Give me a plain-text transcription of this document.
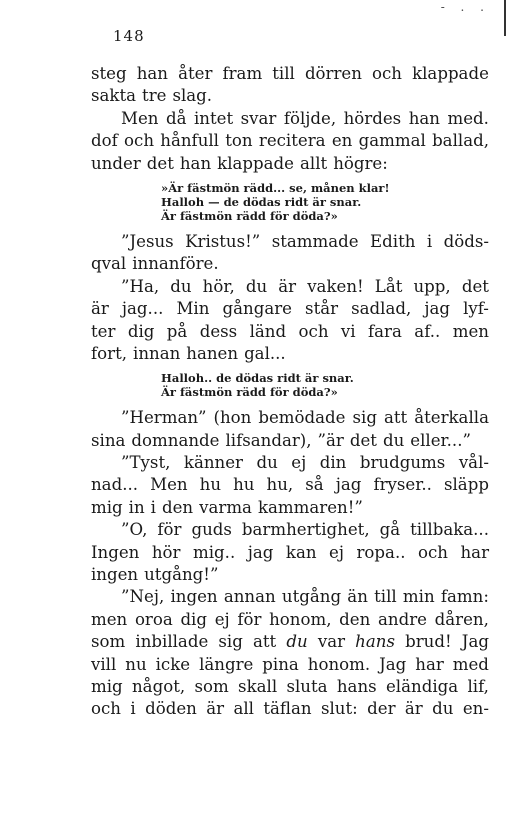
- . .
148
steg han åter fram till dörren och klappade
sakta tre slag.
Men då intet svar följde, hördes han med.
dof och hånfull ton recitera en gammal ballad,
under det han klappade allt högre:
»Är fästmön rädd... se, månen klar!
Halloh — de dödas ridt är snar.
Är fästmön rädd för döda?»
”Jesus Kristus!” stammade Edith i döds-
qval innanföre.
”Ha, du hör, du är vaken! Låt upp, det
är jag... Min gångare står sadlad, jag lyf-
ter dig på dess länd och vi fara af.. men
fort, innan hanen gal...
Halloh.. de dödas ridt är snar.
Är fästmön rädd för döda?»
”Herman” (hon bemödade sig att återkalla
sina domnande lifsandar), ”är det du eller...”
”Tyst, känner du ej din brudgums vål-
nad... Men hu hu hu, så jag fryser.. släpp
mig in i den varma kammaren!”
”O, för guds barmhertighet, gå tillbaka...
Ingen hör mig.. jag kan ej ropa.. och har
ingen utgång!”
”Nej, ingen annan utgång än till min famn:
men oroa dig ej för honom, den andre dåren,
som inbillade sig att du var hans brud! Jag
vill nu icke längre pina honom. Jag har med
mig något, som skall sluta hans eländiga lif,
och i döden är all täflan slut: der är du en-
